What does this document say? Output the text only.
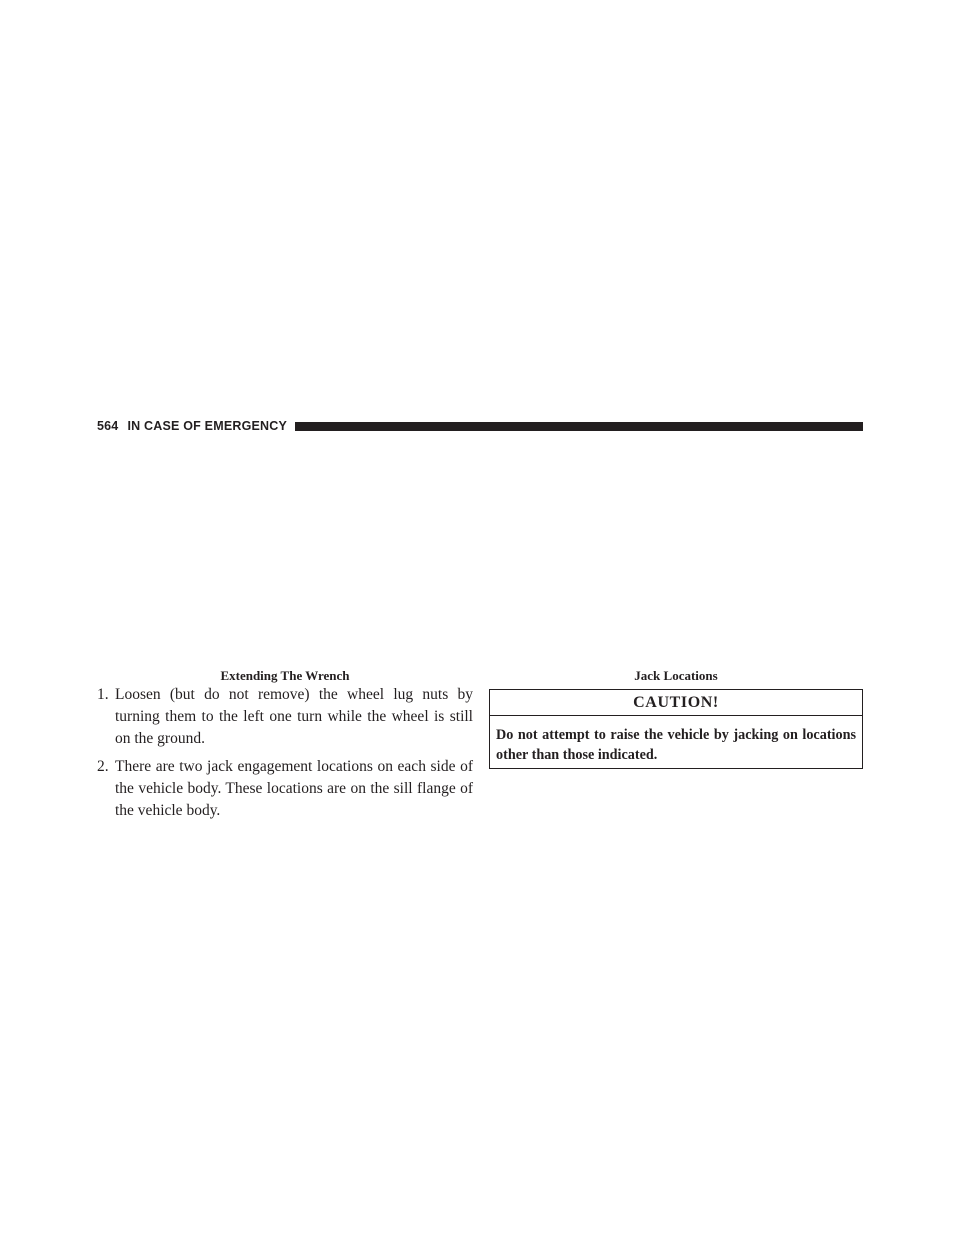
564 IN CASE OF EMERGENCY
Extending The Wrench	Jack Locations
1. Loosen (but do not remove) the wheel lug nuts by turning them to the left one turn while the wheel is still on the ground.
2. There are two jack engagement locations on each side of the vehicle body. These locations are on the sill flange of the vehicle body.
CAUTION!
Do not attempt to raise the vehicle by jacking on locations other than those indicated.
